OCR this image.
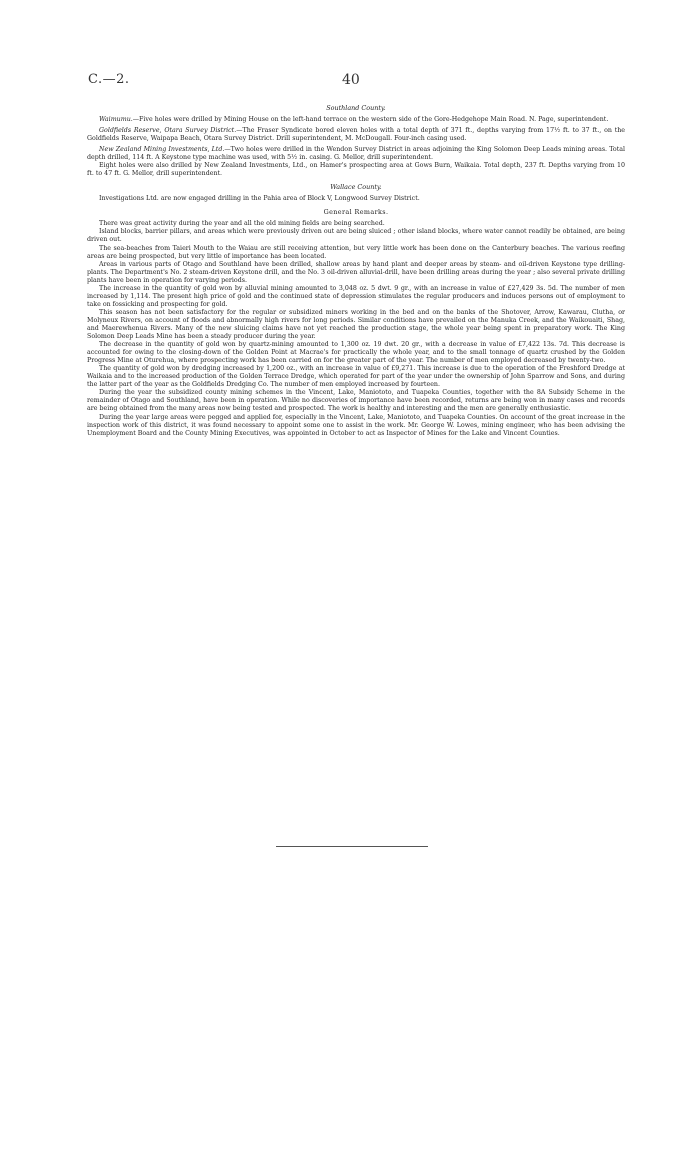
C.—2.	40
Southland County.

Waimumu.—Five holes were drilled by Mining House on the left-hand terrace on the western side of the Gore-Hedgehope Main Road. N. Page, superintendent.

Goldfields Reserve, Otara Survey District.—The Fraser Syndicate bored eleven holes with a total depth of 371 ft., depths varying from 17½ ft. to 37 ft., on the Goldfields Reserve, Waipapa Beach, Otara Survey District. Drill superintendent, M. McDougall. Four-inch casing used.

New Zealand Mining Investments, Ltd.—Two holes were drilled in the Wendon Survey District in areas adjoining the King Solomon Deep Leads mining areas. Total depth drilled, 114 ft. A Keystone type machine was used, with 5½ in. casing. G. Mellor, drill superintendent.

Eight holes were also drilled by New Zealand Investments, Ltd., on Hamer's prospecting area at Gows Burn, Waikaia. Total depth, 237 ft. Depths varying from 10 ft. to 47 ft. G. Mellor, drill superintendent.

Wallace County.

Investigations Ltd. are now engaged drilling in the Pahia area of Block V, Longwood Survey District.

General Remarks.

There was great activity during the year and all the old mining fields are being searched.

Island blocks, barrier pillars, and areas which were previously driven out are being sluiced ; other island blocks, where water cannot readily be obtained, are being driven out.

The sea-beaches from Taieri Mouth to the Waiau are still receiving attention, but very little work has been done on the Canterbury beaches. The various reefing areas are being prospected, but very little of importance has been located.

Areas in various parts of Otago and Southland have been drilled, shallow areas by hand plant and deeper areas by steam- and oil-driven Keystone type drilling-plants. The Department's No. 2 steam-driven Keystone drill, and the No. 3 oil-driven alluvial-drill, have been drilling areas during the year ; also several private drilling plants have been in operation for varying periods.

The increase in the quantity of gold won by alluvial mining amounted to 3,048 oz. 5 dwt. 9 gr., with an increase in value of £27,429 3s. 5d. The number of men increased by 1,114. The present high price of gold and the continued state of depression stimulates the regular producers and induces persons out of employment to take on fossicking and prospecting for gold.

This season has not been satisfactory for the regular or subsidized miners working in the bed and on the banks of the Shotover, Arrow, Kawarau, Clutha, or Molyneux Rivers, on account of floods and abnormally high rivers for long periods. Similar conditions have prevailed on the Manuka Creek, and the Waikouaiti, Shag, and Maerewhenua Rivers. Many of the new sluicing claims have not yet reached the production stage, the whole year being spent in preparatory work. The King Solomon Deep Leads Mine has been a steady producer during the year.

The decrease in the quantity of gold won by quartz-mining amounted to 1,300 oz. 19 dwt. 20 gr., with a decrease in value of £7,422 13s. 7d. This decrease is accounted for owing to the closing-down of the Golden Point at Macrae's for practically the whole year, and to the small tonnage of quartz crushed by the Golden Progress Mine at Oturehua, where prospecting work has been carried on for the greater part of the year. The number of men employed decreased by twenty-two.

The quantity of gold won by dredging increased by 1,200 oz., with an increase in value of £9,271. This increase is due to the operation of the Freshford Dredge at Waikaia and to the increased production of the Golden Terrace Dredge, which operated for part of the year under the ownership of John Sparrow and Sons, and during the latter part of the year as the Goldfields Dredging Co. The number of men employed increased by fourteen.

During the year the subsidized county mining schemes in the Vincent, Lake, Maniototo, and Tuapeka Counties, together with the 8A Subsidy Scheme in the remainder of Otago and Southland, have been in operation. While no discoveries of importance have been recorded, returns are being won in many cases and records are being obtained from the many areas now being tested and prospected. The work is healthy and interesting and the men are generally enthusiastic.

During the year large areas were pegged and applied for, especially in the Vincent, Lake, Maniototo, and Tuapeka Counties. On account of the great increase in the inspection work of this district, it was found necessary to appoint some one to assist in the work. Mr. George W. Lowes, mining engineer, who has been advising the Unemployment Board and the County Mining Executives, was appointed in October to act as Inspector of Mines for the Lake and Vincent Counties.
